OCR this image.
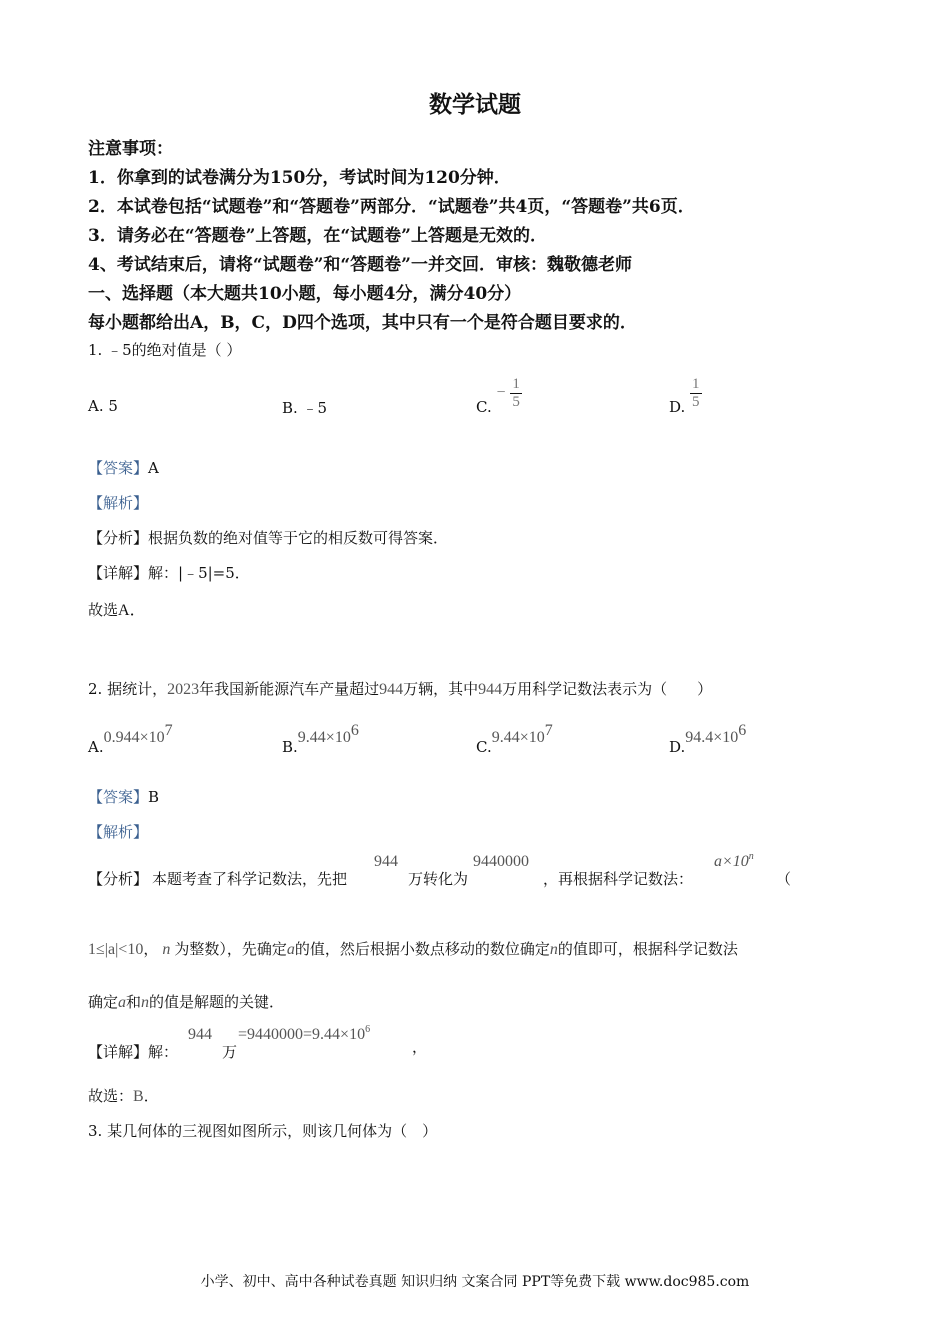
数学试题
注意事项：
1．你拿到的试卷满分为150分，考试时间为120分钟．
2．本试卷包括“试题卷”和“答题卷”两部分．“试题卷”共4页，“答题卷”共6页．
3．请务必在“答题卷”上答题，在“试题卷”上答题是无效的．
4、考试结束后，请将“试题卷”和“答题卷”一并交回．审核：魏敬德老师
一、选择题（本大题共10小题，每小题4分，满分40分）
每小题都给出A，B，C，D四个选项，其中只有一个是符合题目要求的．
1. ﹣5的绝对值是（ ）
A. 5	B. ﹣5	C. − $\frac{1}{5}$	D. $\frac{1}{5}$
【答案】A
【解析】
【分析】根据负数的绝对值等于它的相反数可得答案．
【详解】解：|﹣5|=5．
故选A．
2. 据统计，2023年我国新能源汽车产量超过944万辆，其中944万用科学记数法表示为（　　）
$A.0.944\times 10^7$
$B.9.44\times 10^6$
$C.9.44\times 10^7$
$D.94.4\times 10^6$
【答案】B
【解析】
【分析】 本题考查了科学记数法，先把
944
万转化为
9440000
，再根据科学记数法：
$a\times 10^n$
（
1≤|a|<10， n 为整数），先确定a的值，然后根据小数点移动的数位确定n的值即可，根据科学记数法
确定a和n的值是解题的关键．
【详解】解：
944
万
$=9440000=9.44\times 10^6$
，
故选：B．
3. 某几何体的三视图如图所示，则该几何体为（　）
小学、初中、高中各种试卷真题 知识归纳 文案合同 PPT等免费下载 www.doc985.com
